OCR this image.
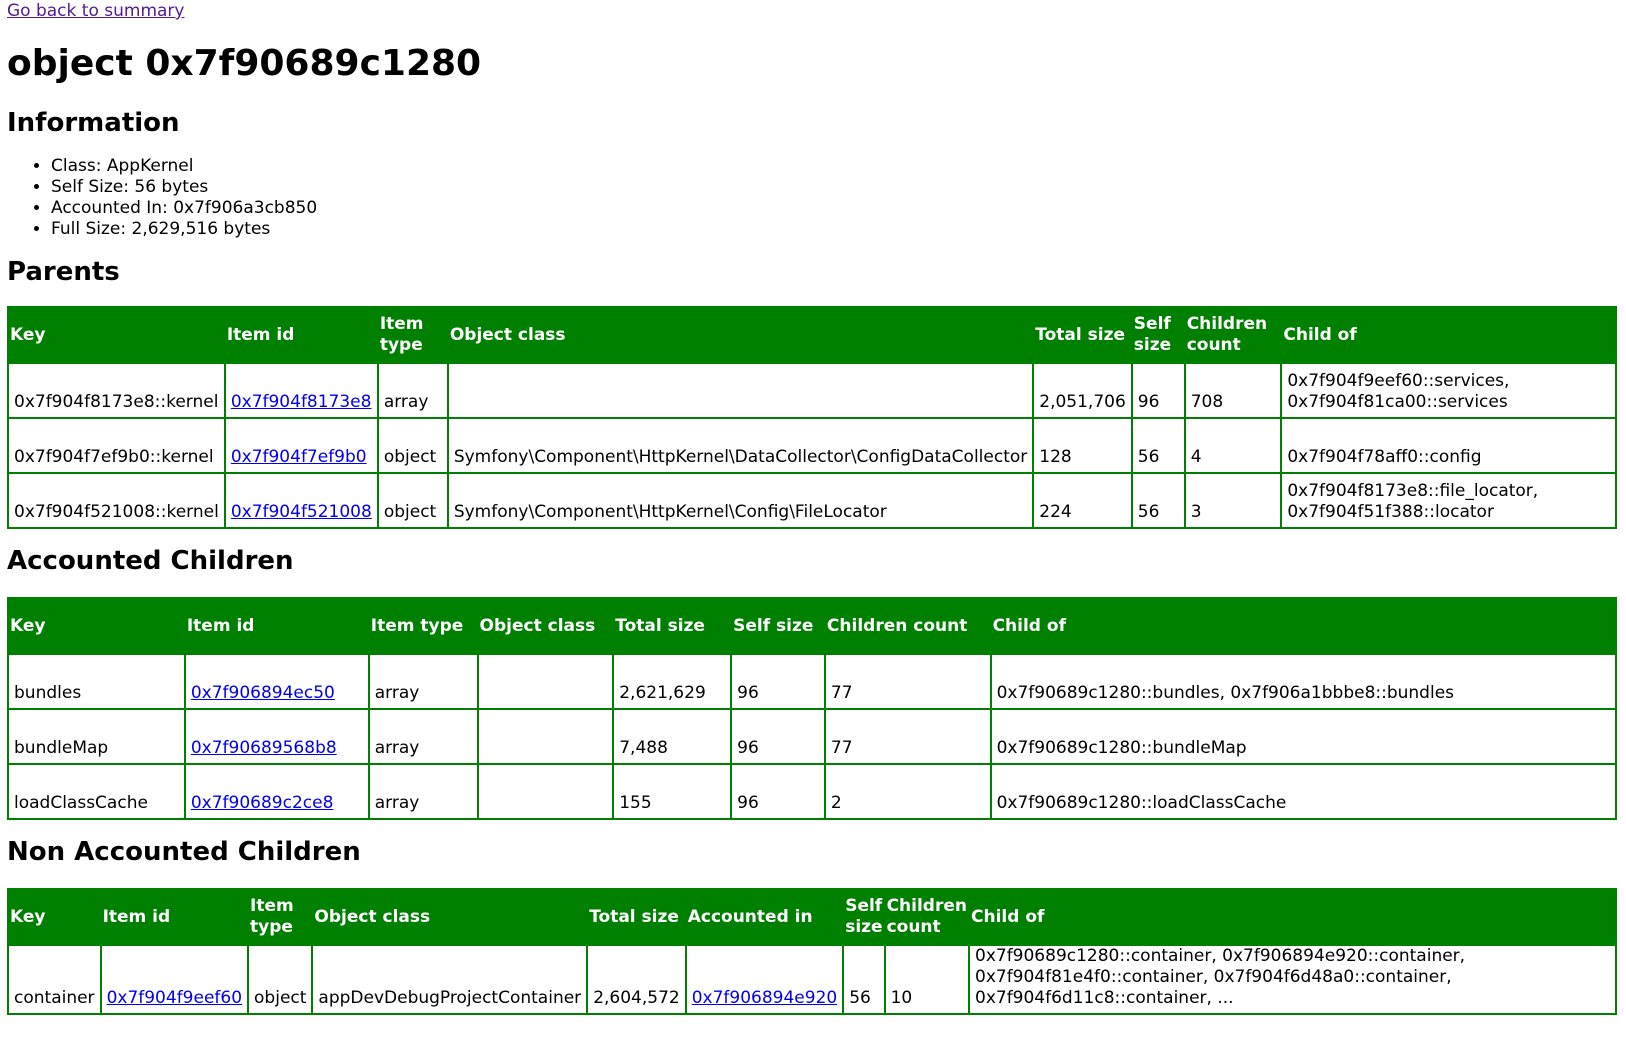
Go back to summary
object 0x7f90689c1280
Information
• Class: AppKernel
• Self Size: 56 bytes
• Accounted In: 0x7f906a3cb850
• Full Size: 2,629,516 bytes
Parents
Key	Item id	Item type	Object class	Total size	Self size	Children count	Child of
0x7f904f8173e8::kernel	0x7f904f8173e8	array		2,051,706	96	708	0x7f904f9eef60::services, 0x7f904f81ca00::services
0x7f904f7ef9b0::kernel	0x7f904f7ef9b0	object	Symfony\Component\HttpKernel\DataCollector\ConfigDataCollector	128	56	4	0x7f904f78aff0::config
0x7f904f521008::kernel	0x7f904f521008	object	Symfony\Component\HttpKernel\Config\FileLocator	224	56	3	0x7f904f8173e8::file_locator, 0x7f904f51f388::locator
Accounted Children
Key	Item id	Item type	Object class	Total size	Self size	Children count	Child of
bundles	0x7f906894ec50	array		2,621,629	96	77	0x7f90689c1280::bundles, 0x7f906a1bbbe8::bundles
bundleMap	0x7f90689568b8	array		7,488	96	77	0x7f90689c1280::bundleMap
loadClassCache	0x7f90689c2ce8	array		155	96	2	0x7f90689c1280::loadClassCache
Non Accounted Children
Key	Item id	Item type	Object class	Total size	Accounted in	Self size	Children count	Child of
container	0x7f904f9eef60	object	appDevDebugProjectContainer	2,604,572	0x7f906894e920	56	10	0x7f90689c1280::container, 0x7f906894e920::container, 0x7f904f81e4f0::container, 0x7f904f6d48a0::container, 0x7f904f6d11c8::container, ...
